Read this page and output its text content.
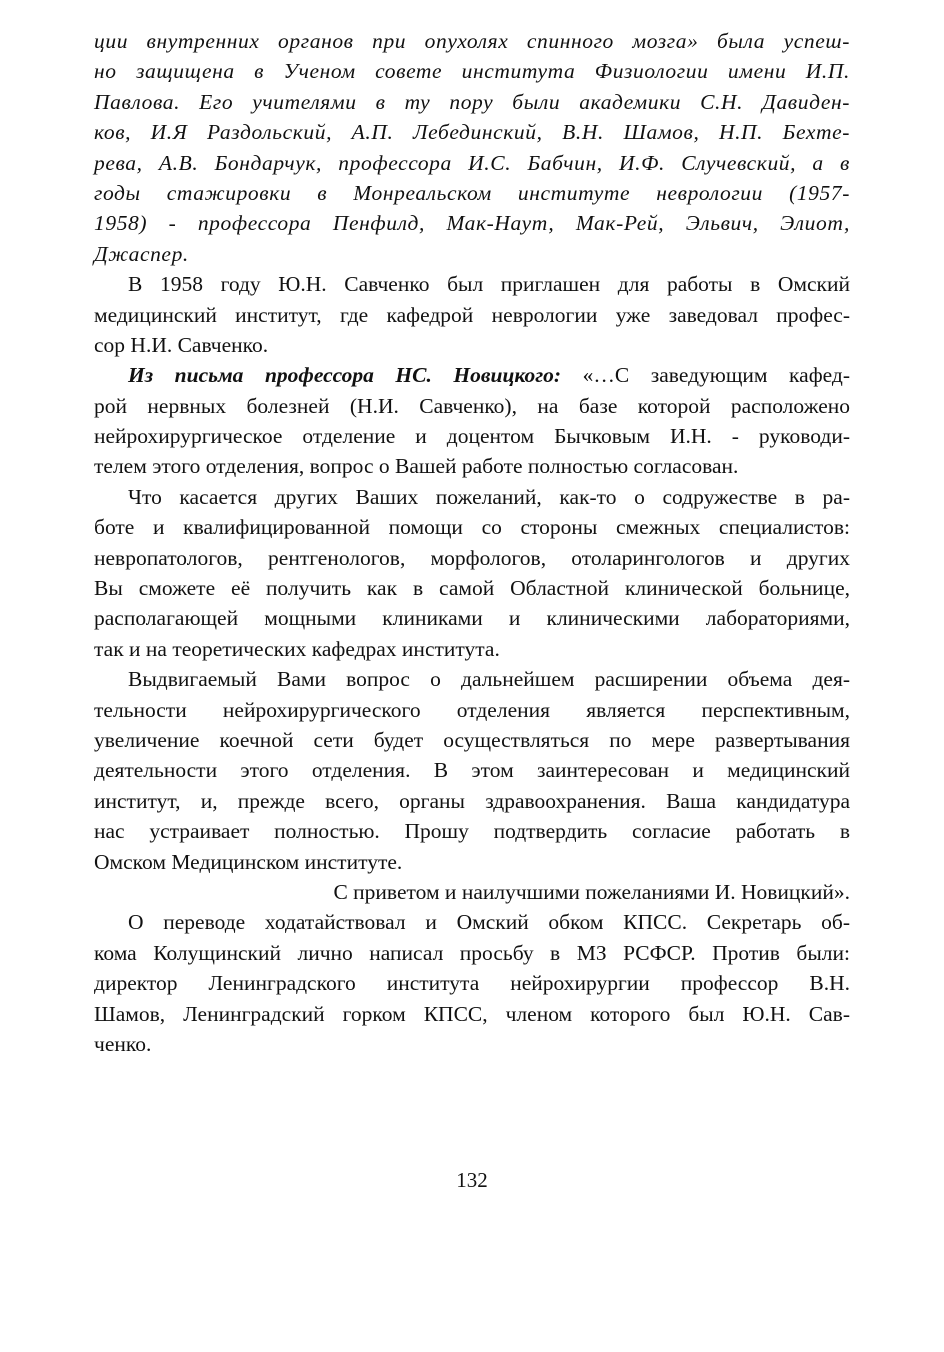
ции внутренних органов при опухолях спинного мозга» была успеш-
но защищена в Ученом совете института Физиологии имени И.П.
Павлова. Его учителями в ту пору были академики С.Н. Давиден-
ков, И.Я Раздольский, А.П. Лебединский, В.Н. Шамов, Н.П. Бехте-
рева, А.В. Бондарчук, профессора И.С. Бабчин, И.Ф. Случевский, а в
годы стажировки в Монреальском институте неврологии (1957-
1958) - профессора Пенфилд, Мак-Наут, Мак-Рей, Эльвич, Элиот,
Джаспер.
В 1958 году Ю.Н. Савченко был приглашен для работы в Омский
медицинский институт, где кафедрой неврологии уже заведовал профес-
сор Н.И. Савченко.
Из письма профессора НС. Новицкого: «…С заведующим кафед-
рой нервных болезней (Н.И. Савченко), на базе которой расположено
нейрохирургическое отделение и доцентом Бычковым И.Н. - руководи-
телем этого отделения, вопрос о Вашей работе полностью согласован.
Что касается других Ваших пожеланий, как-то о содружестве в ра-
боте и квалифицированной помощи со стороны смежных специалистов:
невропатологов, рентгенологов, морфологов, отоларингологов и других
Вы сможете её получить как в самой Областной клинической больнице,
располагающей мощными клиниками и клиническими лабораториями,
так и на теоретических кафедрах института.
Выдвигаемый Вами вопрос о дальнейшем расширении объема дея-
тельности нейрохирургического отделения является перспективным,
увеличение коечной сети будет осуществляться по мере развертывания
деятельности этого отделения. В этом заинтересован и медицинский
институт, и, прежде всего, органы здравоохранения. Ваша кандидатура
нас устраивает полностью. Прошу подтвердить согласие работать в
Омском Медицинском институте.
С приветом и наилучшими пожеланиями И. Новицкий».
О переводе ходатайствовал и Омский обком КПСС. Секретарь об-
кома Колущинский лично написал просьбу в МЗ РСФСР. Против были:
директор Ленинградского института нейрохирургии профессор В.Н.
Шамов, Ленинградский горком КПСС, членом которого был Ю.Н. Сав-
ченко.
132
